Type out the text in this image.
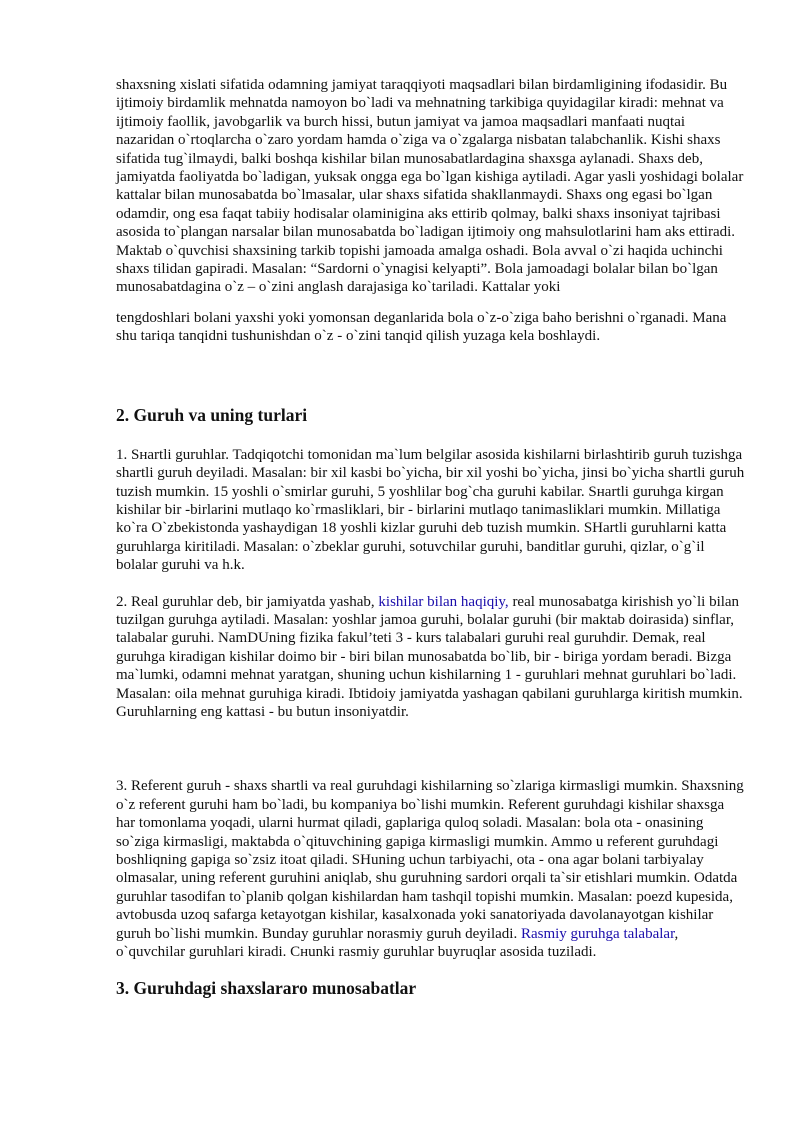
shaxsning xislati sifatida odamning jamiyat taraqqiyoti maqsadlari bilan birdamligining ifodasidir. Bu ijtimoiy birdamlik mehnatda namoyon bo`ladi va mehnatning tarkibiga quyidagilar kiradi: mehnat va ijtimoiy faollik, javobgarlik va burch hissi, butun jamiyat va jamoa maqsadlari manfaati nuqtai nazaridan o`rtoqlarcha o`zaro yordam hamda o`ziga va o`zgalarga nisbatan talabchanlik. Kishi shaxs sifatida tug`ilmaydi, balki boshqa kishilar bilan munosabatlardagina shaxsga aylanadi. Shaxs deb, jamiyatda faoliyatda bo`ladigan, yuksak ongga ega bo`lgan kishiga aytiladi. Agar yasli yoshidagi bolalar kattalar bilan munosabatda bo`lmasalar, ular shaxs sifatida shakllanmaydi. Shaxs ong egasi bo`lgan odamdir, ong esa faqat tabiiy hodisalar olaminigina aks ettirib qolmay, balki shaxs insoniyat tajribasi asosida to`plangan narsalar bilan munosabatda bo`ladigan ijtimoiy ong mahsulotlarini ham aks ettiradi. Maktab o`quvchisi shaxsining tarkib topishi jamoada amalga oshadi. Bola avval o`zi haqida uchinchi shaxs tilidan gapiradi. Masalan: “Sardorni o`ynagisi kelyapti”. Bola jamoadagi bolalar bilan bo`lgan munosabatdagina o`z – o`zini anglash darajasiga ko`tariladi. Kattalar yoki

tengdoshlari bolani yaxshi yoki yomonsan deganlarida bola o`z-o`ziga baho berishni o`rganadi. Mana shu tariqa tanqidni tushunishdan o`z - o`zini tanqid qilish yuzaga kela boshlaydi.

2. Guruh va uning turlari

1. Sнartli guruhlar. Tadqiqotchi tomonidan ma`lum belgilar asosida kishilarni birlashtirib guruh tuzishga shartli guruh deyiladi. Masalan: bir xil kasbi bo`yicha, bir xil yoshi bo`yicha, jinsi bo`yicha shartli guruh tuzish mumkin. 15 yoshli o`smirlar guruhi, 5 yoshlilar bog`cha guruhi kabilar. Sнartli guruhga kirgan kishilar bir -birlarini mutlaqo ko`rmasliklari, bir - birlarini mutlaqo tanimasliklari mumkin. Millatiga ko`ra O`zbekistonda yashaydigan 18 yoshli kizlar guruhi deb tuzish mumkin. SHartli guruhlarni katta guruhlarga kiritiladi. Masalan: o`zbeklar guruhi, sotuvchilar guruhi, banditlar guruhi, qizlar, o`g`il bolalar guruhi va h.k.

2. Real guruhlar deb, bir jamiyatda yashab, kishilar bilan haqiqiy, real munosabatga kirishish yo`li bilan tuzilgan guruhga aytiladi. Masalan: yoshlar jamoa guruhi, bolalar guruhi (bir maktab doirasida) sinflar, talabalar guruhi. NamDUning fizika fakul’teti 3 - kurs talabalari guruhi real guruhdir. Demak, real guruhga kiradigan kishilar doimo bir - biri bilan munosabatda bo`lib, bir - biriga yordam beradi. Bizga ma`lumki, odamni mehnat yaratgan, shuning uchun kishilarning 1 - guruhlari mehnat guruhlari bo`ladi. Masalan: oila mehnat guruhiga kiradi. Ibtidoiy jamiyatda yashagan qabilani guruhlarga kiritish mumkin. Guruhlarning eng kattasi - bu butun insoniyatdir.

3. Referent guruh - shaxs shartli va real guruhdagi kishilarning so`zlariga kirmasligi mumkin. Shaxsning o`z referent guruhi ham bo`ladi, bu kompaniya bo`lishi mumkin. Referent guruhdagi kishilar shaxsga har tomonlama yoqadi, ularni hurmat qiladi, gaplariga quloq soladi. Masalan: bola ota - onasining so`ziga kirmasligi, maktabda o`qituvchining gapiga kirmasligi mumkin. Ammo u referent guruhdagi boshliqning gapiga so`zsiz itoat qiladi. SHuning uchun tarbiyachi, ota - ona agar bolani tarbiyalay olmasalar, uning referent guruhini aniqlab, shu guruhning sardori orqali ta`sir etishlari mumkin. Odatda guruhlar tasodifan to`planib qolgan kishilardan ham tashqil topishi mumkin. Masalan: poezd kupesida, avtobusda uzoq safarga ketayotgan kishilar, kasalxonada yoki sanatoriyada davolanayotgan kishilar guruh bo`lishi mumkin. Bunday guruhlar norasmiy guruh deyiladi. Rasmiy guruhga talabalar, o`quvchilar guruhlari kiradi. Cнunki rasmiy guruhlar buyruqlar asosida tuziladi.

3. Guruhdagi shaxslararo munosabatlar
